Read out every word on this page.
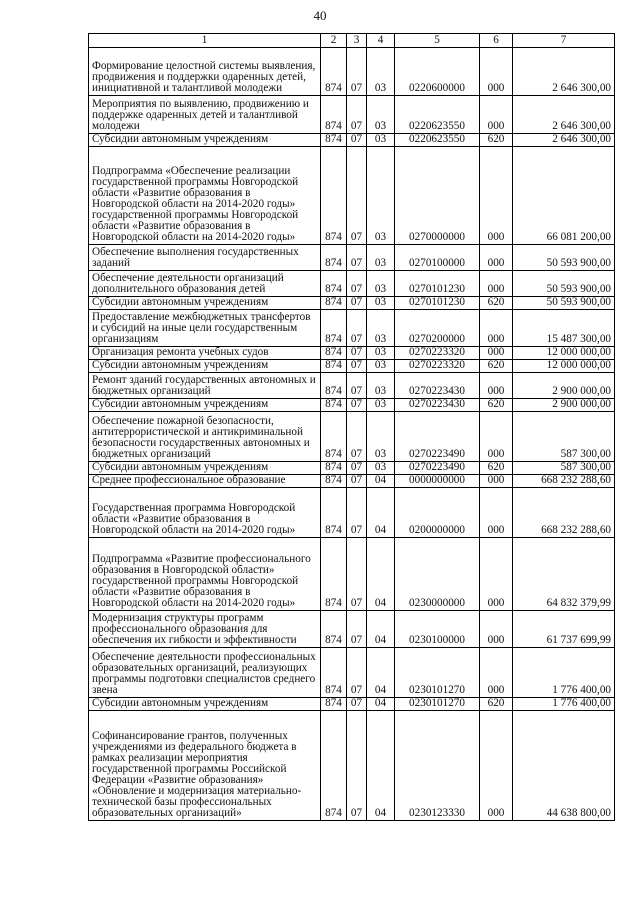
40
1	2	3	4	5	6	7
Формирование целостной системы выявления, продвижения и поддержки одаренных детей, инициативной и талантливой молодежи	874	07	03	0220600000	000	2 646 300,00
Мероприятия по выявлению, продвижению и поддержке одаренных детей и талантливой молодежи	874	07	03	0220623550	000	2 646 300,00
Субсидии автономным учреждениям	874	07	03	0220623550	620	2 646 300,00
Подпрограмма «Обеспечение реализации государственной программы Новгородской области «Развитие образования в Новгородской области на 2014-2020 годы» государственной программы Новгородской области «Развитие образования в Новгородской области на 2014-2020 годы»	874	07	03	0270000000	000	66 081 200,00
Обеспечение выполнения государственных заданий	874	07	03	0270100000	000	50 593 900,00
Обеспечение деятельности организаций дополнительного образования детей	874	07	03	0270101230	000	50 593 900,00
Субсидии автономным учреждениям	874	07	03	0270101230	620	50 593 900,00
Предоставление межбюджетных трансфертов и субсидий на иные цели государственным организациям	874	07	03	0270200000	000	15 487 300,00
Организация ремонта учебных судов	874	07	03	0270223320	000	12 000 000,00
Субсидии автономным учреждениям	874	07	03	0270223320	620	12 000 000,00
Ремонт зданий государственных автономных и бюджетных организаций	874	07	03	0270223430	000	2 900 000,00
Субсидии автономным учреждениям	874	07	03	0270223430	620	2 900 000,00
Обеспечение пожарной безопасности, антитеррористической и антикриминальной безопасности государственных автономных и бюджетных организаций	874	07	03	0270223490	000	587 300,00
Субсидии автономным учреждениям	874	07	03	0270223490	620	587 300,00
Среднее профессиональное образование	874	07	04	0000000000	000	668 232 288,60
Государственная программа Новгородской области «Развитие образования в Новгородской области на 2014-2020 годы»	874	07	04	0200000000	000	668 232 288,60
Подпрограмма «Развитие профессионального образования в Новгородской области» государственной программы Новгородской области «Развитие образования в Новгородской области на 2014-2020 годы»	874	07	04	0230000000	000	64 832 379,99
Модернизация структуры программ профессионального образования для обеспечения их гибкости и эффективности	874	07	04	0230100000	000	61 737 699,99
Обеспечение деятельности профессиональных образовательных организаций, реализующих программы подготовки специалистов среднего звена	874	07	04	0230101270	000	1 776 400,00
Субсидии автономным учреждениям	874	07	04	0230101270	620	1 776 400,00
Софинансирование грантов, полученных учреждениями из федерального бюджета в рамках реализации мероприятия государственной программы Российской Федерации «Развитие образования» «Обновление и модернизация материально-технической базы профессиональных образовательных организаций»	874	07	04	0230123330	000	44 638 800,00
